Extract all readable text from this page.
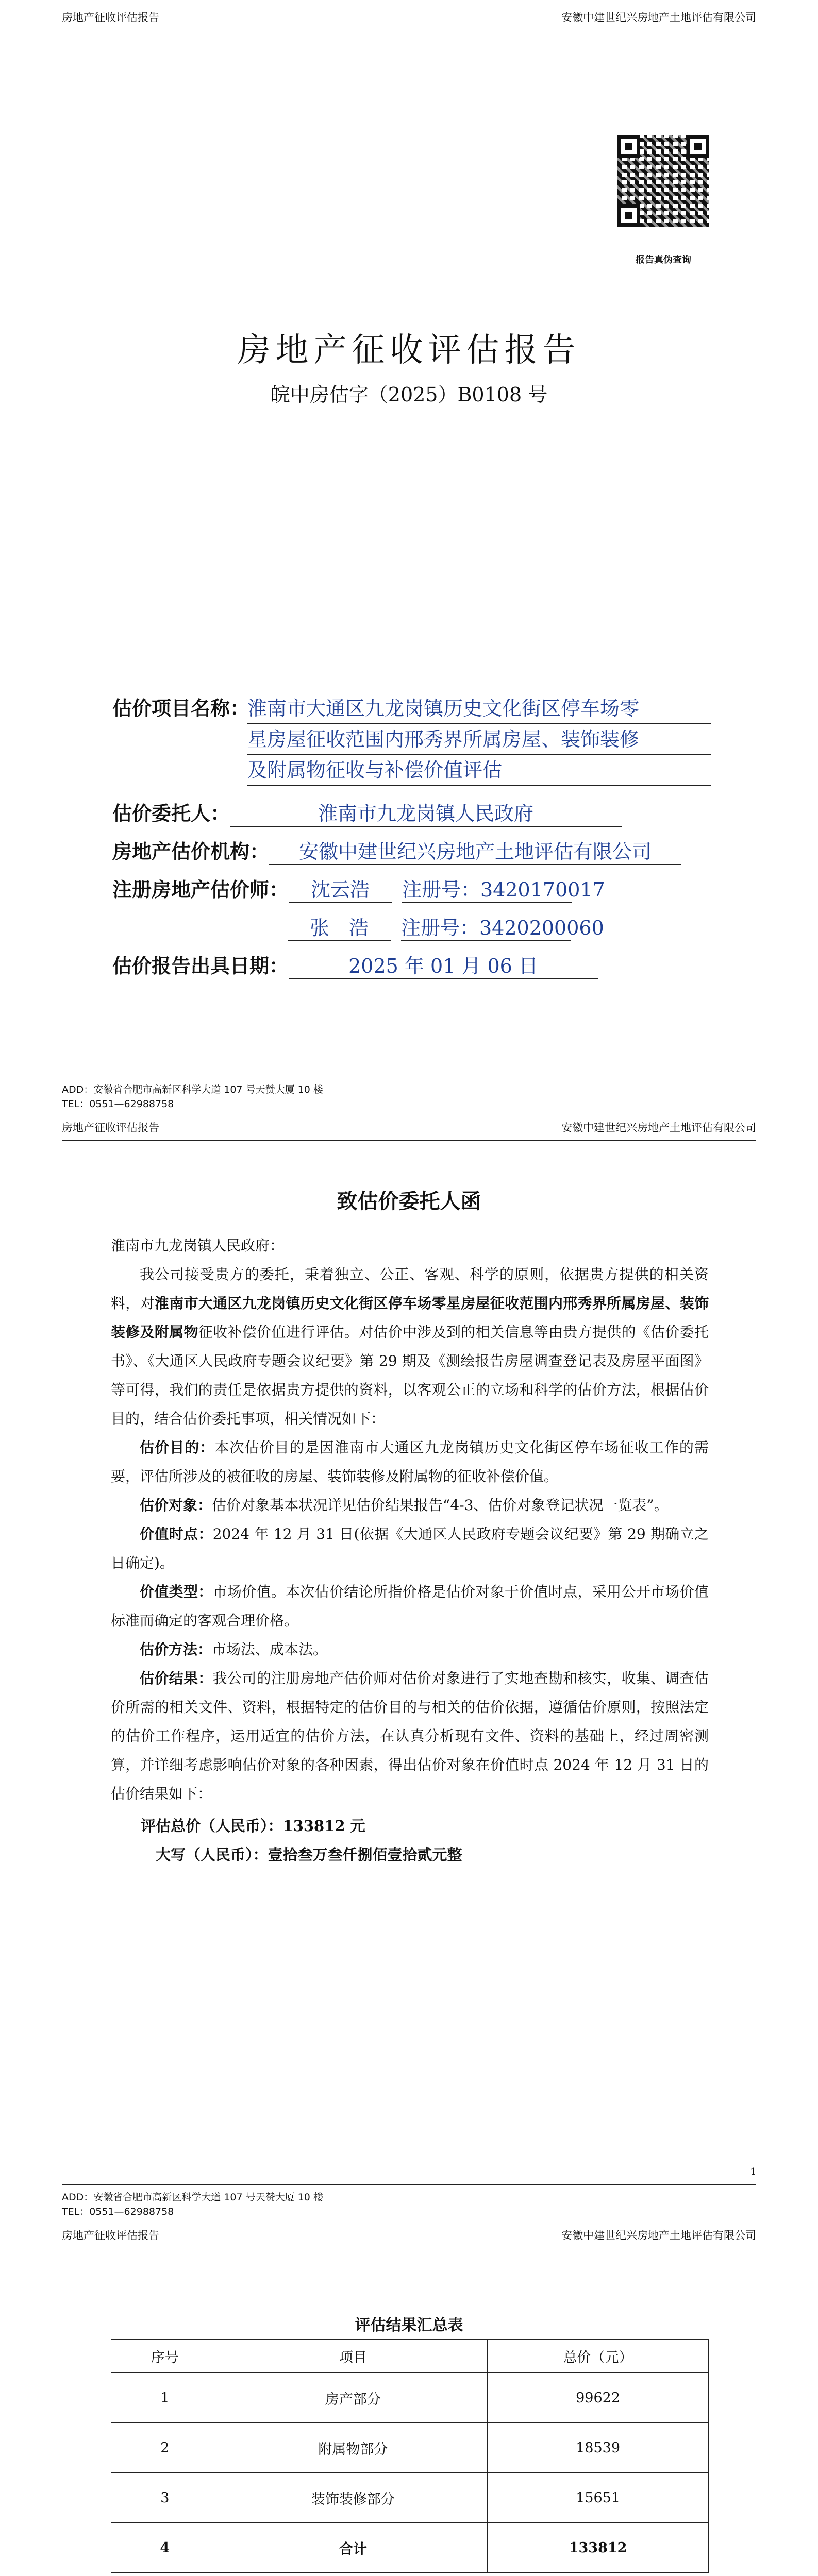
房地产征收评估报告	安徽中建世纪兴房地产土地评估有限公司
报告真伪查询
房地产征收评估报告
皖中房估字（2025）B0108 号
估价项目名称：
淮南市大通区九龙岗镇历史文化街区停车场零
星房屋征收范围内邢秀界所属房屋、装饰装修
及附属物征收与补偿价值评估
估价委托人：	淮南市九龙岗镇人民政府
房地产估价机构： 安徽中建世纪兴房地产土地评估有限公司
注册房地产估价师： 沈云浩 注册号：3420170017
张　浩 注册号：3420200060
估价报告出具日期：	2025 年 01 月 06 日
ADD：安徽省合肥市高新区科学大道 107 号天赞大厦 10 楼
TEL：0551—62988758
房地产征收评估报告	安徽中建世纪兴房地产土地评估有限公司
致估价委托人函

淮南市九龙岗镇人民政府：

我公司接受贵方的委托，秉着独立、公正、客观、科学的原则，依据贵方提供的相关资料，对淮南市大通区九龙岗镇历史文化街区停车场零星房屋征收范围内邢秀界所属房屋、装饰装修及附属物征收补偿价值进行评估。对估价中涉及到的相关信息等由贵方提供的《估价委托书》、《大通区人民政府专题会议纪要》第 29 期及《测绘报告房屋调查登记表及房屋平面图》等可得，我们的责任是依据贵方提供的资料，以客观公正的立场和科学的估价方法，根据估价目的，结合估价委托事项，相关情况如下：

估价目的：本次估价目的是因淮南市大通区九龙岗镇历史文化街区停车场征收工作的需要，评估所涉及的被征收的房屋、装饰装修及附属物的征收补偿价值。

估价对象：估价对象基本状况详见估价结果报告“4-3、估价对象登记状况一览表”。

价值时点：2024 年 12 月 31 日(依据《大通区人民政府专题会议纪要》第 29 期确立之日确定)。

价值类型：市场价值。本次估价结论所指价格是估价对象于价值时点，采用公开市场价值标准而确定的客观合理价格。

估价方法：市场法、成本法。

估价结果：我公司的注册房地产估价师对估价对象进行了实地查勘和核实，收集、调查估价所需的相关文件、资料，根据特定的估价目的与相关的估价依据，遵循估价原则，按照法定的估价工作程序，运用适宜的估价方法，在认真分析现有文件、资料的基础上，经过周密测算，并详细考虑影响估价对象的各种因素，得出估价对象在价值时点 2024 年 12 月 31 日的估价结果如下：

评估总价（人民币）：133812 元

大写（人民币）：壹拾叁万叁仟捌佰壹拾贰元整

1
ADD：安徽省合肥市高新区科学大道 107 号天赞大厦 10 楼
TEL：0551—62988758
房地产征收评估报告	安徽中建世纪兴房地产土地评估有限公司
评估结果汇总表
序号	项目	总价（元）
1	房产部分	99622
2	附属物部分	18539
3	装饰装修部分	15651
4	合计	133812
